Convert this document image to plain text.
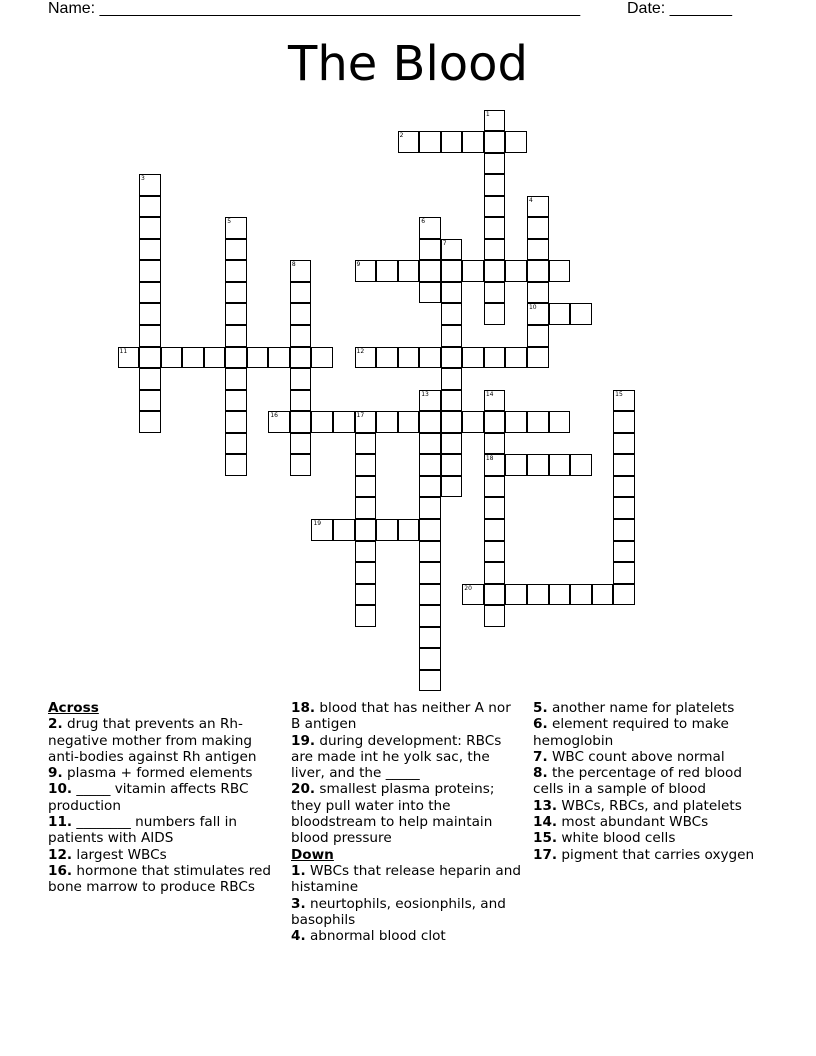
Name: ______________________________________________________	Date: _______
The Blood
1
2
3
4
10
5	6
7
8	9
11	12
13	14
18
15
16	17
19
20
Across
2. drug that prevents an Rh-negative mother from making anti-bodies against Rh antigen
9. plasma + formed elements
10. _____ vitamin affects RBC production
11. ________ numbers fall in patients with AIDS
12. largest WBCs
16. hormone that stimulates red bone marrow to produce RBCs
18. blood that has neither A nor B antigen
19. during development: RBCs are made int he yolk sac, the liver, and the _____
20. smallest plasma proteins; they pull water into the bloodstream to help maintain blood pressure
Down
1. WBCs that release heparin and histamine
3. neurtophils, eosionphils, and basophils
4. abnormal blood clot
5. another name for platelets
6. element required to make hemoglobin
7. WBC count above normal
8. the percentage of red blood cells in a sample of blood
13. WBCs, RBCs, and platelets
14. most abundant WBCs
15. white blood cells
17. pigment that carries oxygen
